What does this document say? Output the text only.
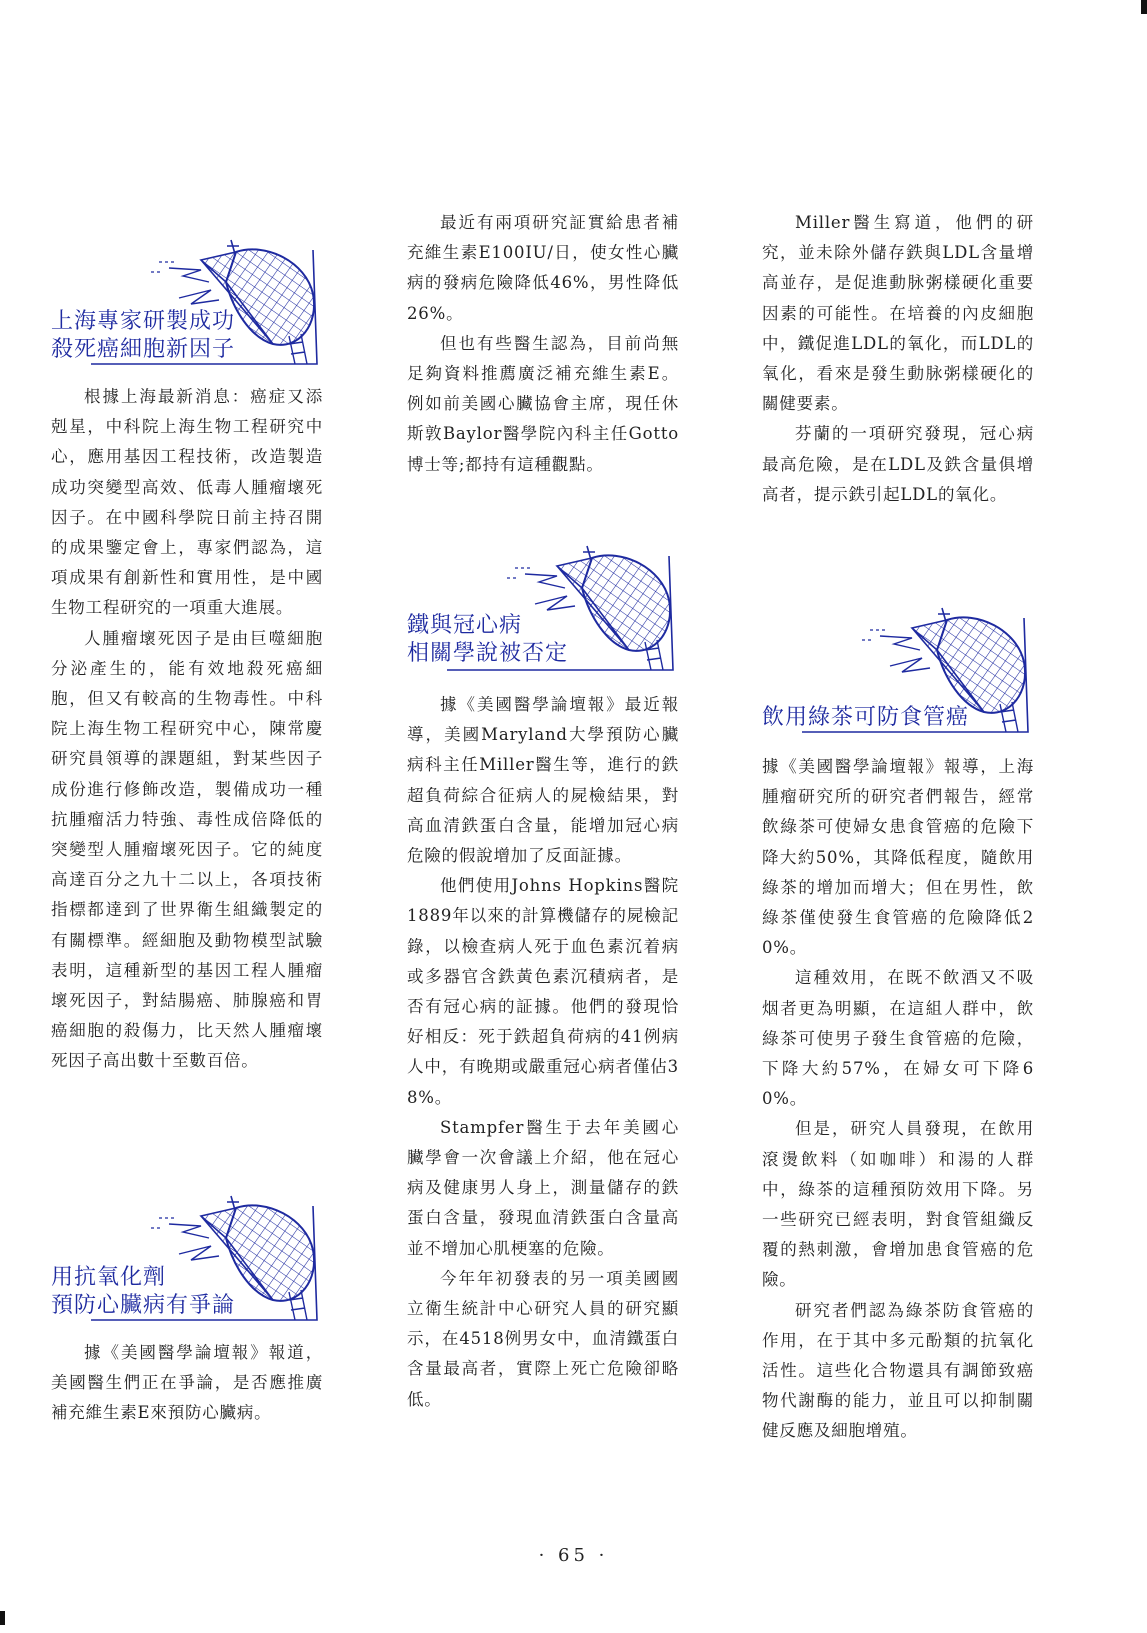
上海專家研製成功
殺死癌細胞新因子

根據上海最新消息：癌症又添剋星，中科院上海生物工程研究中心，應用基因工程技術，改造製造成功突變型高效、低毒人腫瘤壞死因子。在中國科學院日前主持召開的成果鑒定會上，專家們認為，這項成果有創新性和實用性，是中國生物工程研究的一項重大進展。

人腫瘤壞死因子是由巨噬細胞分泌產生的，能有效地殺死癌細胞，但又有較高的生物毒性。中科院上海生物工程研究中心，陳常慶研究員領導的課題組，對某些因子成份進行修飾改造，製備成功一種抗腫瘤活力特強、毒性成倍降低的突變型人腫瘤壞死因子。它的純度高達百分之九十二以上，各項技術指標都達到了世界衛生組織製定的有關標準。經細胞及動物模型試驗表明，這種新型的基因工程人腫瘤壞死因子，對結腸癌、肺腺癌和胃癌細胞的殺傷力，比天然人腫瘤壞死因子高出數十至數百倍。

用抗氧化劑
預防心臟病有爭論

據《美國醫學論壇報》報道，美國醫生們正在爭論，是否應推廣補充維生素E來預防心臟病。

最近有兩項研究証實給患者補充維生素E100IU/日，使女性心臟病的發病危險降低46%，男性降低26%。

但也有些醫生認為，目前尚無足夠資料推薦廣泛補充維生素E。例如前美國心臟協會主席，現任休斯敦Baylor醫學院內科主任Gotto博士等;都持有這種觀點。

鐵與冠心病
相關學說被否定

據《美國醫學論壇報》最近報導，美國Maryland大學預防心臟病科主任Miller醫生等，進行的鉄超負荷綜合征病人的屍檢結果，對高血清鉄蛋白含量，能增加冠心病危險的假說增加了反面証據。

他們使用Johns Hopkins醫院1889年以來的計算機儲存的屍檢記錄，以檢查病人死于血色素沉着病或多器官含鉄黃色素沉積病者，是否有冠心病的証據。他們的發現恰好相反：死于鉄超負荷病的41例病人中，有晚期或嚴重冠心病者僅佔38%。

Stampfer醫生于去年美國心臟學會一次會議上介紹，他在冠心病及健康男人身上，測量儲存的鉄蛋白含量，發現血清鉄蛋白含量高並不增加心肌梗塞的危險。

今年年初發表的另一項美國國立衛生統計中心研究人員的研究顯示，在4518例男女中，血清鐵蛋白含量最高者，實際上死亡危險卻略低。

Miller醫生寫道，他們的研究，並未除外儲存鉄與LDL含量增高並存，是促進動脉粥樣硬化重要因素的可能性。在培養的內皮細胞中，鐵促進LDL的氧化，而LDL的氧化，看來是發生動脉粥樣硬化的關健要素。

芬蘭的一項研究發現，冠心病最高危險，是在LDL及鉄含量俱增高者，提示鉄引起LDL的氧化。

飲用綠茶可防食管癌

據《美國醫學論壇報》報導，上海腫瘤研究所的研究者們報告，經常飲綠茶可使婦女患食管癌的危險下降大約50%，其降低程度，隨飲用綠茶的增加而增大；但在男性，飲綠茶僅使發生食管癌的危險降低20%。

這種效用，在既不飲酒又不吸烟者更為明顯，在這組人群中，飲綠茶可使男子發生食管癌的危險，下降大約57%，在婦女可下降60%。

但是，研究人員發現，在飲用滾燙飲料（如咖啡）和湯的人群中，綠茶的這種預防效用下降。另一些研究已經表明，對食管組織反覆的熱刺激，會增加患食管癌的危險。

研究者們認為綠茶防食管癌的作用，在于其中多元酚類的抗氧化活性。這些化合物還具有調節致癌物代謝酶的能力，並且可以抑制關健反應及細胞增殖。

· 65 ·
